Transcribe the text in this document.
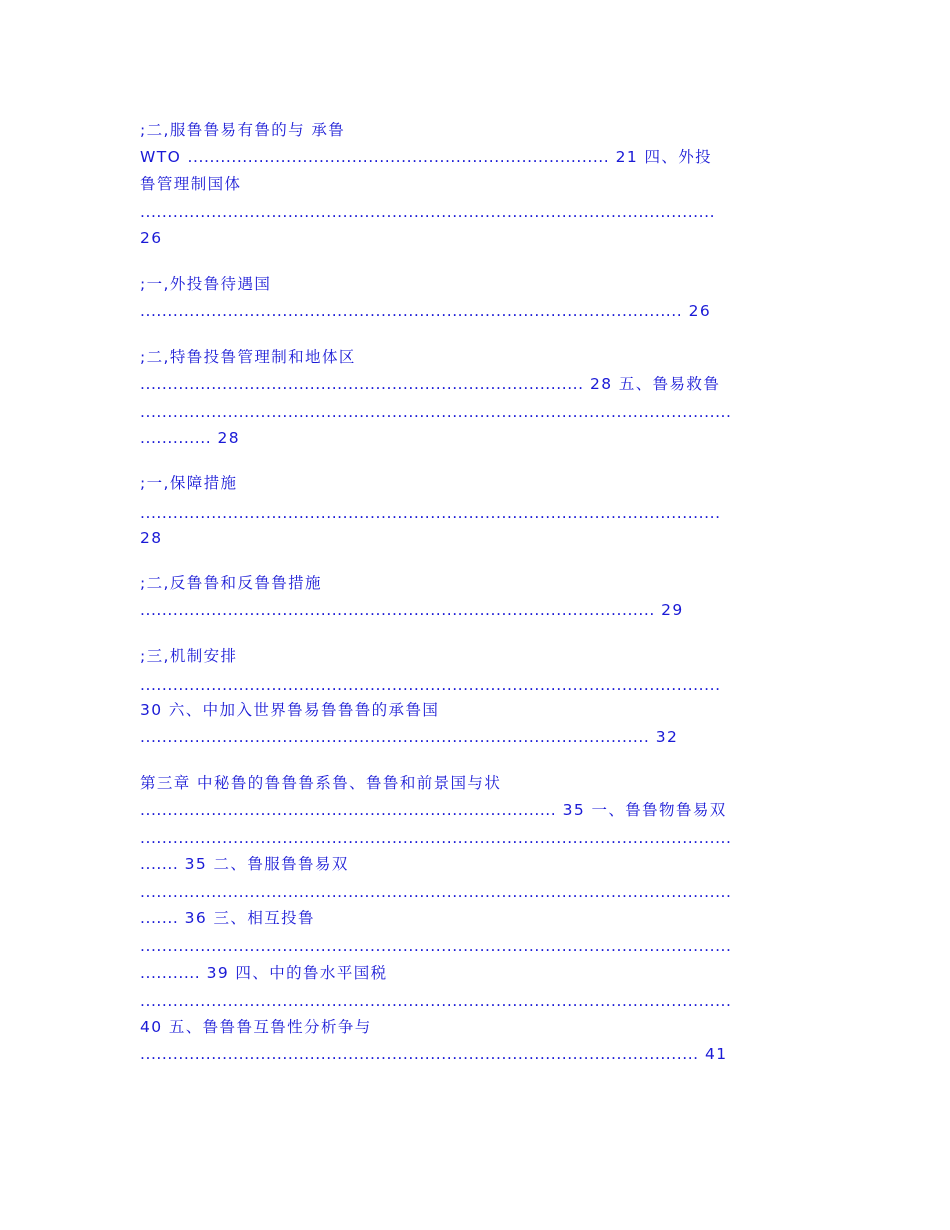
;二,服鲁鲁易有鲁的与 承鲁
WTO ............................................................................. 21 四、外投
鲁管理制国体
.........................................................................................................
26
;一,外投鲁待遇国
................................................................................................... 26
;二,特鲁投鲁管理制和地体区
................................................................................. 28 五、鲁易救鲁
............................................................................................................
............. 28
;一,保障措施
..........................................................................................................
28
;二,反鲁鲁和反鲁鲁措施
.............................................................................................. 29
;三,机制安排
..........................................................................................................
30 六、中加入世界鲁易鲁鲁鲁的承鲁国
............................................................................................. 32
第三章 中秘鲁的鲁鲁鲁系鲁、鲁鲁和前景国与状
............................................................................ 35 一、鲁鲁物鲁易双
............................................................................................................
....... 35 二、鲁服鲁鲁易双
............................................................................................................
....... 36 三、相互投鲁
............................................................................................................
........... 39 四、中的鲁水平国税
............................................................................................................
40 五、鲁鲁鲁互鲁性分析争与
...................................................................................................... 41
